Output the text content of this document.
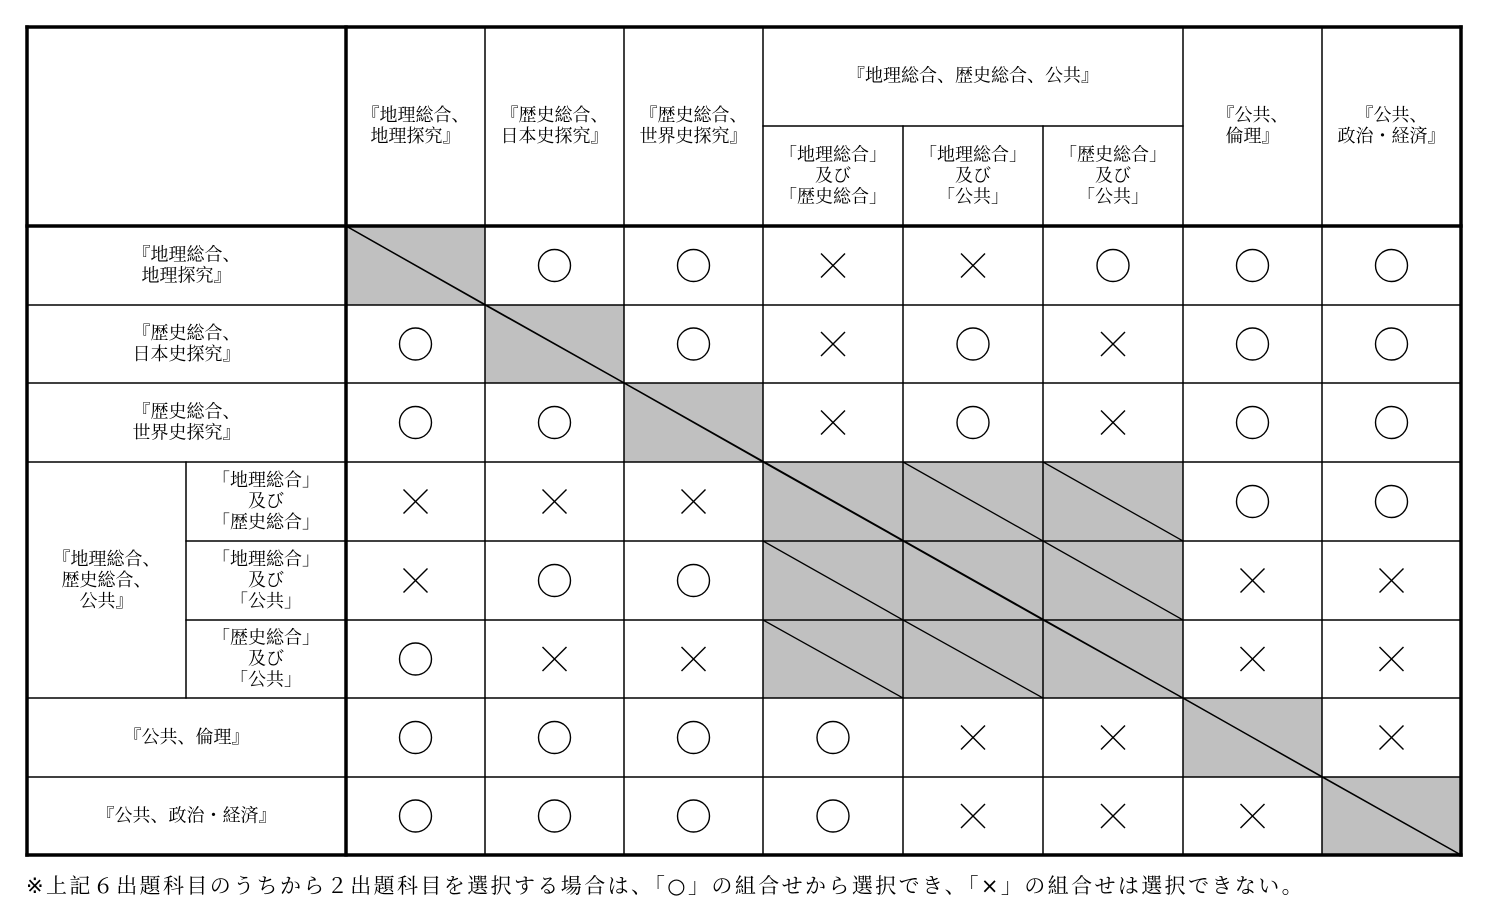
『地理総合、
地理探究』
『歴史総合、
日本史探究』
『歴史総合、
世界史探究』
『地理総合、歴史総合、公共』
「地理総合」
及び
「歴史総合」
「地理総合」
及び
「公共」
「歴史総合」
及び
「公共」
『公共、
倫理』
『公共、
政治・経済』
『地理総合、
地理探究』
『歴史総合、
日本史探究』
『歴史総合、
世界史探究』
『地理総合、
歴史総合、
公共』
「地理総合」
及び
「歴史総合」
「地理総合」
及び
「公共」
「歴史総合」
及び
「公共」
『公共、倫理』
『公共、政治・経済』
※上記６出題科目のうちから２出題科目を選択する場合は、「○」の組合せから選択でき、「×」の組合せは選択できない。
